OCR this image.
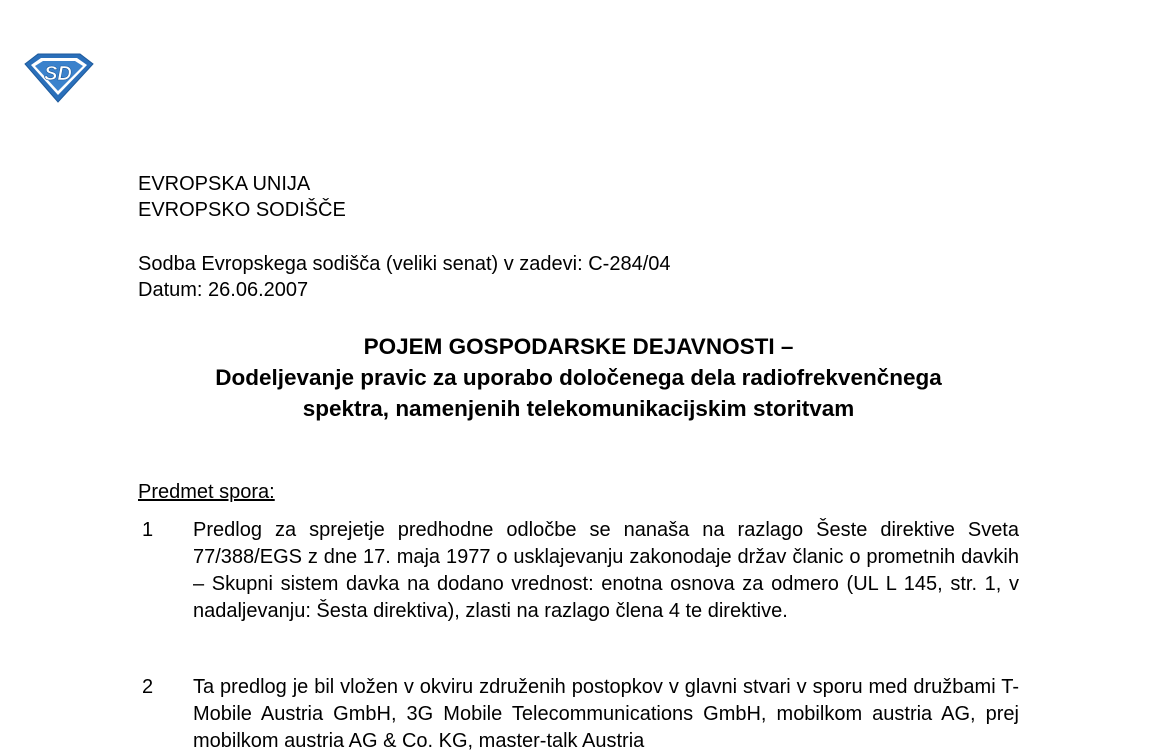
SD
EVROPSKA UNIJA
EVROPSKO SODIŠČE
Sodba Evropskega sodišča (veliki senat) v zadevi: C-284/04
Datum: 26.06.2007
POJEM GOSPODARSKE DEJAVNOSTI –
Dodeljevanje pravic za uporabo določenega dela radiofrekvenčnega
spektra, namenjenih telekomunikacijskim storitvam
Predmet spora:
1 Predlog za sprejetje predhodne odločbe se nanaša na razlago Šeste direktive Sveta 77/388/EGS z dne 17. maja 1977 o usklajevanju zakonodaje držav članic o prometnih davkih – Skupni sistem davka na dodano vrednost: enotna osnova za odmero (UL L 145, str. 1, v nadaljevanju: Šesta direktiva), zlasti na razlago člena 4 te direktive.
2 Ta predlog je bil vložen v okviru združenih postopkov v glavni stvari v sporu med družbami T-Mobile Austria GmbH, 3G Mobile Telecommunications GmbH, mobilkom austria AG, prej mobilkom austria AG & Co. KG, master-talk Austria
